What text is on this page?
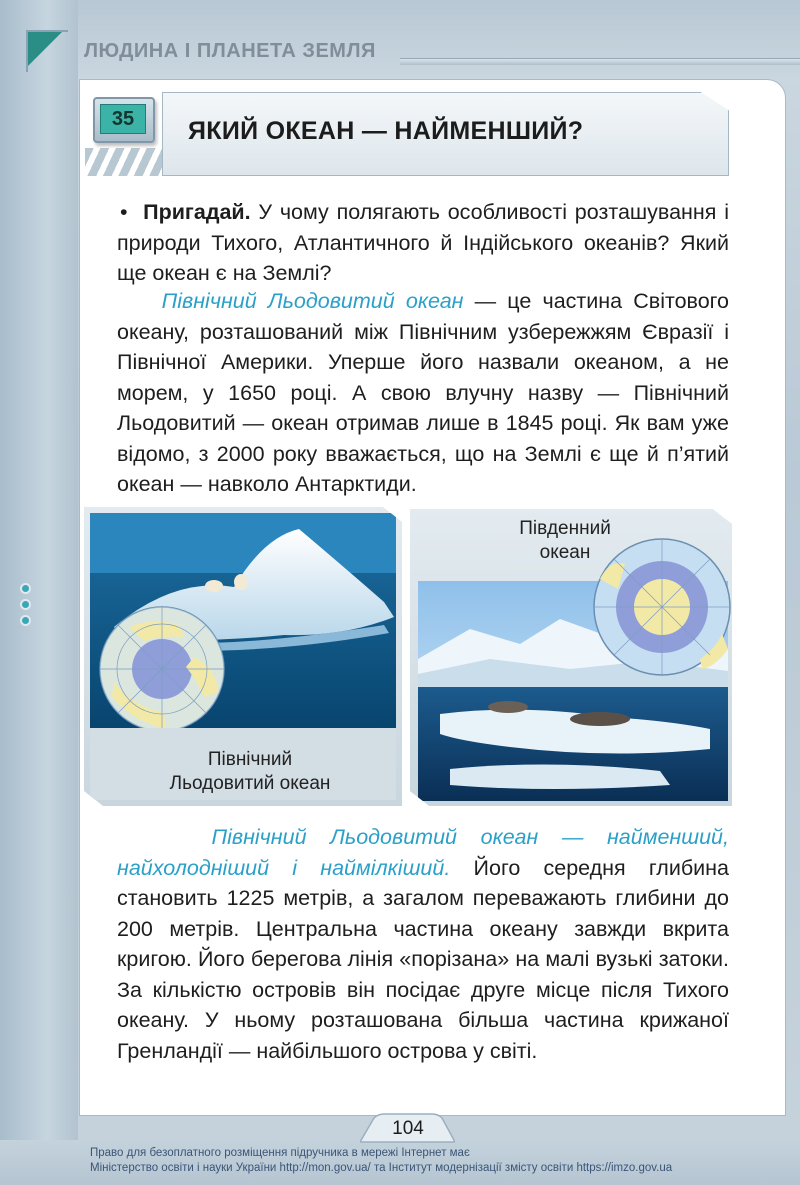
ЛЮДИНА І ПЛАНЕТА ЗЕМЛЯ
35	ЯКИЙ ОКЕАН — НАЙМЕНШИЙ?
• Пригадай. У чому полягають особливості розташування і природи Тихого, Атлантичного й Індійського океанів? Який ще океан є на Землі?
Північний Льодовитий океан — це частина Світового океану, розташований між Північним узбережжям Євразії і Північної Америки. Уперше його назвали океаном, а не морем, у 1650 році. А свою влучну назву — Північний Льодовитий — океан отримав лише в 1845 році. Як вам уже відомо, з 2000 року вважається, що на Землі є ще й п’ятий океан — навколо Антарктиди.
Північний
Льодовитий океан
Південний
океан
Північний Льодовитий океан — найменший, найхолодніший і наймілкіший. Його середня глибина становить 1225 метрів, а загалом переважають глибини до 200 метрів. Центральна частина океану завжди вкрита кригою. Його берегова лінія «порізана» на малі вузькі затоки. За кількістю островів він посідає друге місце після Тихого океану. У ньому розташована більша частина крижаної Гренландії — найбільшого острова у світі.
104
Право для безоплатного розміщення підручника в мережі Інтернет має
Міністерство освіти і науки України http://mon.gov.ua/ та Інститут модернізації змісту освіти https://imzo.gov.ua
